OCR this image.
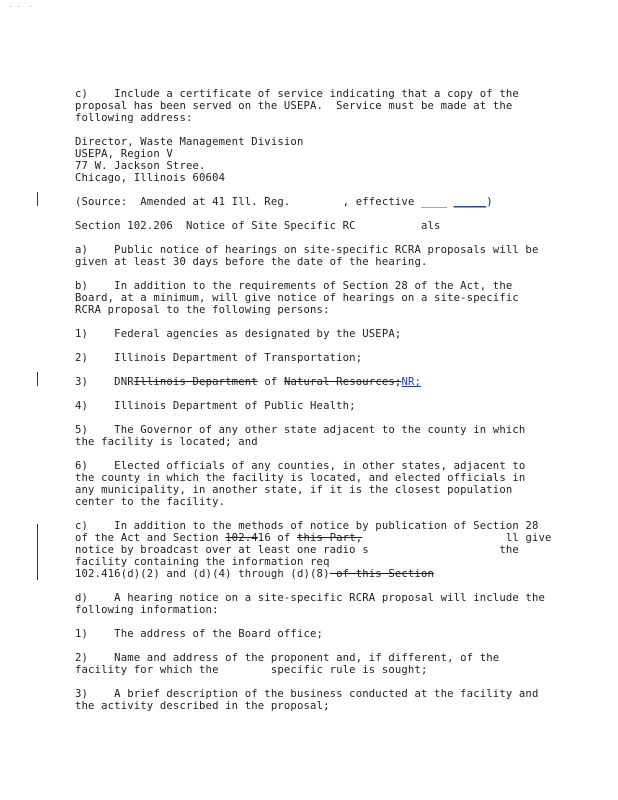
c)    Include a certificate of service indicating that a copy of the
proposal has been served on the USEPA.  Service must be made at the
following address:
Director, Waste Management Division
USEPA, Region V
77 W. Jackson Stree.
Chicago, Illinois 60604
(Source:  Amended at 41 Ill. Reg.	, effective ____ _____)
Section 102.206  Notice of Site Specific RC	als
a)    Public notice of hearings on site-specific RCRA proposals will be
given at least 30 days before the date of the hearing.
b)    In addition to the requirements of Section 28 of the Act, the
Board, at a minimum, will give notice of hearings on a site-specific
RCRA proposal to the following persons:
1)    Federal agencies as designated by the USEPA;
2)    Illinois Department of Transportation;
3)    DNRIllinois Department of Natural Resources;NR;
4)    Illinois Department of Public Health;
5)    The Governor of any other state adjacent to the county in which
the facility is located; and
6)    Elected officials of any counties, in other states, adjacent to
the county in which the facility is located, and elected officials in
any municipality, in another state, if it is the closest population
center to the facility.
c)    In addition to the methods of notice by publication of Section 28
of the Act and Section 102.416 of this Part,                      ll give
notice by broadcast over at least one radio s                    the
facility containing the information req
102.416(d)(2) and (d)(4) through (d)(8) of this Section
d)    A hearing notice on a site-specific RCRA proposal will include the
following information:
1)    The address of the Board office;
2)    Name and address of the proponent and, if different, of the
facility for which the        specific rule is sought;
3)    A brief description of the business conducted at the facility and
the activity described in the proposal;
